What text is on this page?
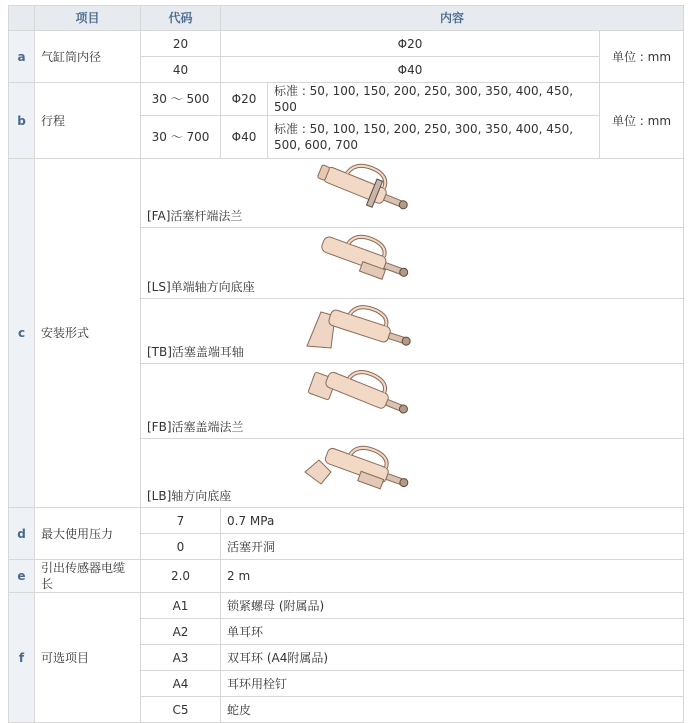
	项目	代码	内容		
a	气缸筒内径	20	Φ20		单位 : mm
		40	Φ40		
b	行程	30 ～ 500	Φ20	标准 : 50, 100, 150, 200, 250, 300, 350, 400, 450, 500	单位 : mm
		30 ～ 700	Φ40	标准 : 50, 100, 150, 200, 250, 300, 350, 400, 450, 500, 600, 700	
c	安装形式	[FA]活塞杆端法兰			

		[LS]单端轴方向底座			

		[TB]活塞盖端耳轴			

		[FB]活塞盖端法兰			

		[LB]轴方向底座			

d	最大使用压力	7	0.7 MPa		
		0	活塞开洞		
e	引出传感器电缆长	2.0	2 m		
f	可选项目	A1	锁紧螺母 (附属品)		
		A2	单耳环		
		A3	双耳环 (A4附属品)		
		A4	耳环用栓钉		
		C5	蛇皮		
